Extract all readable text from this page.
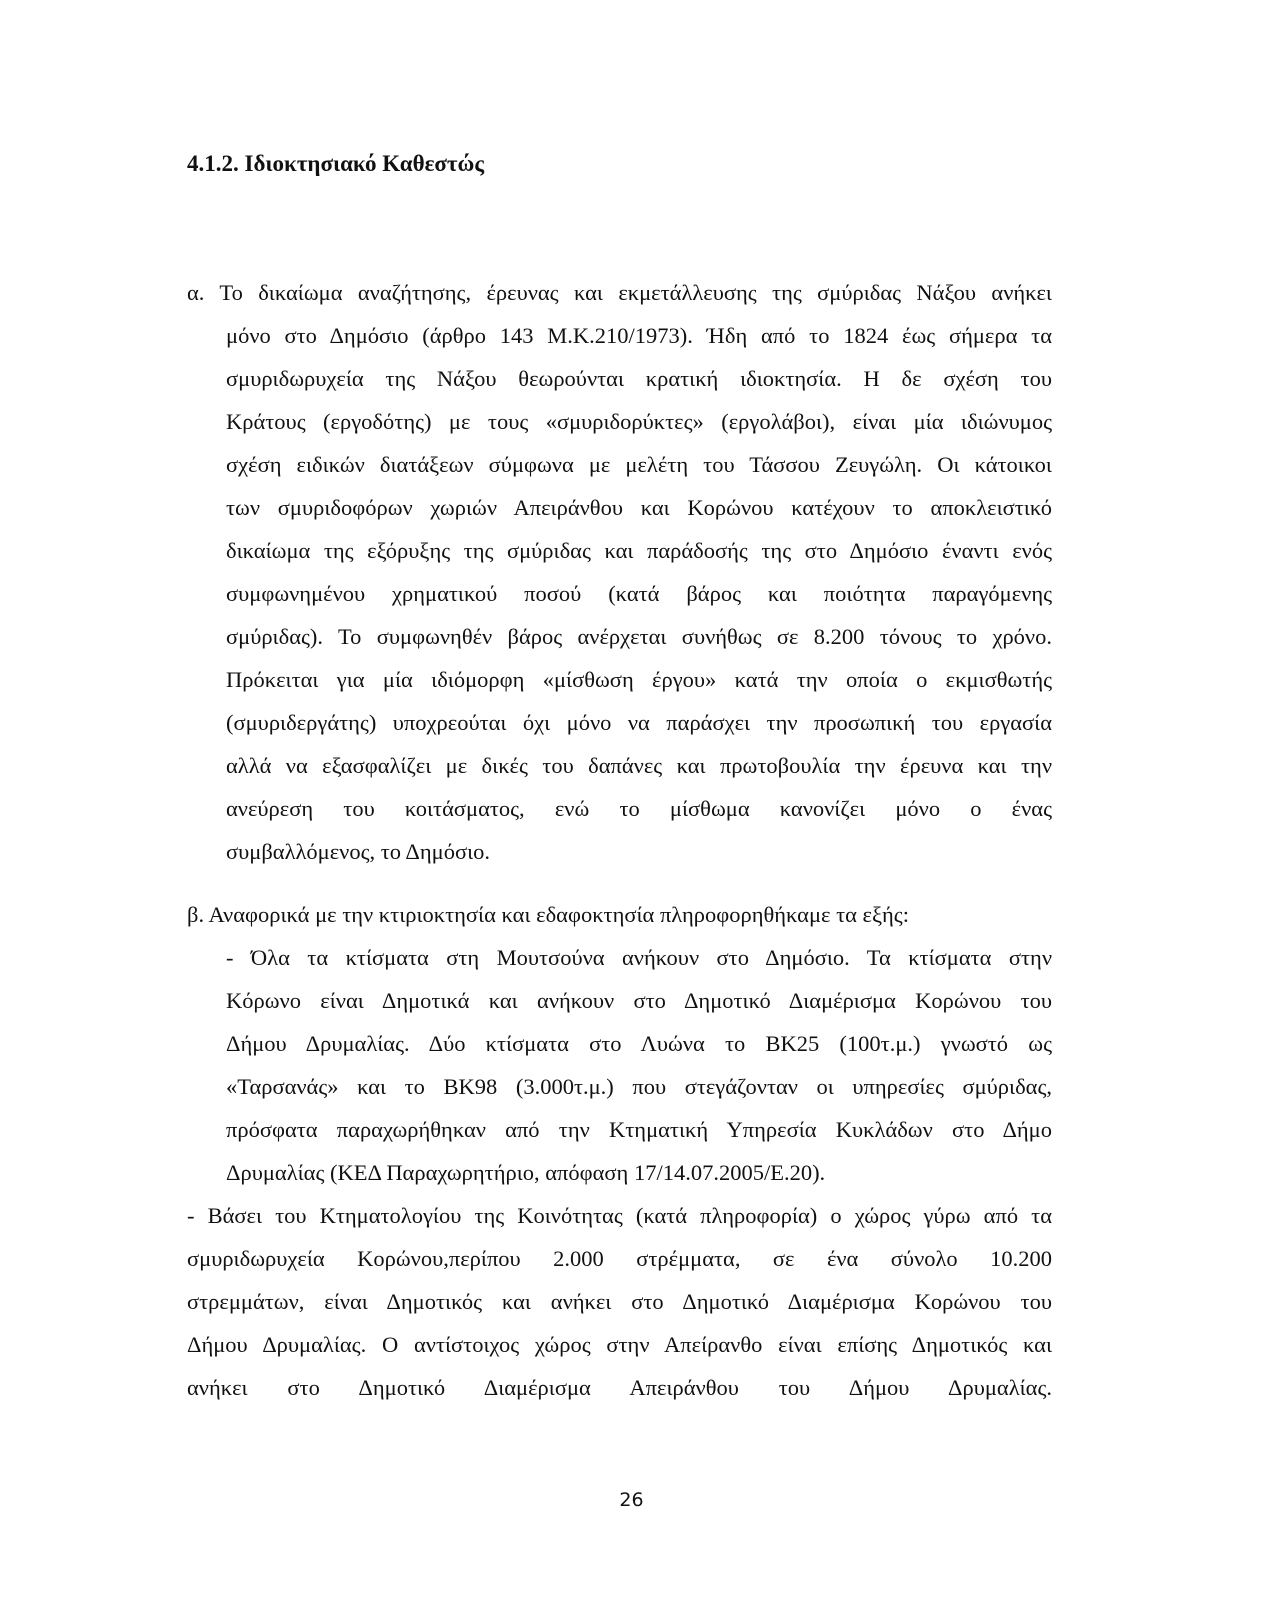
4.1.2. Ιδιοκτησιακό Καθεστώς
α. Το δικαίωμα αναζήτησης, έρευνας και εκμετάλλευσης της σμύριδας Νάξου ανήκει
μόνο στο Δημόσιο (άρθρο 143 Μ.Κ.210/1973). Ήδη από το 1824 έως σήμερα τα
σμυριδωρυχεία της Νάξου θεωρούνται κρατική ιδιοκτησία. Η δε σχέση του
Κράτους (εργοδότης) με τους «σμυριδορύκτες» (εργολάβοι), είναι μία ιδιώνυμος
σχέση ειδικών διατάξεων σύμφωνα με μελέτη του Τάσσου Ζευγώλη. Οι κάτοικοι
των σμυριδοφόρων χωριών Απειράνθου και Κορώνου κατέχουν το αποκλειστικό
δικαίωμα της εξόρυξης της σμύριδας και παράδοσής της στο Δημόσιο έναντι ενός
συμφωνημένου χρηματικού ποσού (κατά βάρος και ποιότητα παραγόμενης
σμύριδας). Το συμφωνηθέν βάρος ανέρχεται συνήθως σε 8.200 τόνους το χρόνο.
Πρόκειται για μία ιδιόμορφη «μίσθωση έργου» κατά την οποία ο εκμισθωτής
(σμυριδεργάτης) υποχρεούται όχι μόνο να παράσχει την προσωπική του εργασία
αλλά να εξασφαλίζει με δικές του δαπάνες και πρωτοβουλία την έρευνα και την
ανεύρεση του κοιτάσματος, ενώ το μίσθωμα κανονίζει μόνο ο ένας
συμβαλλόμενος, το Δημόσιο.
β. Αναφορικά με την κτιριοκτησία και εδαφοκτησία πληροφορηθήκαμε τα εξής:
- Όλα τα κτίσματα στη Μουτσούνα ανήκουν στο Δημόσιο. Τα κτίσματα στην
Κόρωνο είναι Δημοτικά και ανήκουν στο Δημοτικό Διαμέρισμα Κορώνου του
Δήμου Δρυμαλίας. Δύο κτίσματα στο Λυώνα το ΒΚ25 (100τ.μ.) γνωστό ως
«Ταρσανάς» και το ΒΚ98 (3.000τ.μ.) που στεγάζονταν οι υπηρεσίες σμύριδας,
πρόσφατα παραχωρήθηκαν από την Κτηματική Υπηρεσία Κυκλάδων στο Δήμο
Δρυμαλίας (ΚΕΔ Παραχωρητήριο, απόφαση 17/14.07.2005/Ε.20).
- Βάσει του Κτηματολογίου της Κοινότητας (κατά πληροφορία) ο χώρος γύρω από τα
σμυριδωρυχεία Κορώνου,περίπου 2.000 στρέμματα, σε ένα σύνολο 10.200
στρεμμάτων, είναι Δημοτικός και ανήκει στο Δημοτικό Διαμέρισμα Κορώνου του
Δήμου Δρυμαλίας. Ο αντίστοιχος χώρος στην Απείρανθο είναι επίσης Δημοτικός και
ανήκει στο Δημοτικό Διαμέρισμα Απειράνθου του Δήμου Δρυμαλίας.
26
